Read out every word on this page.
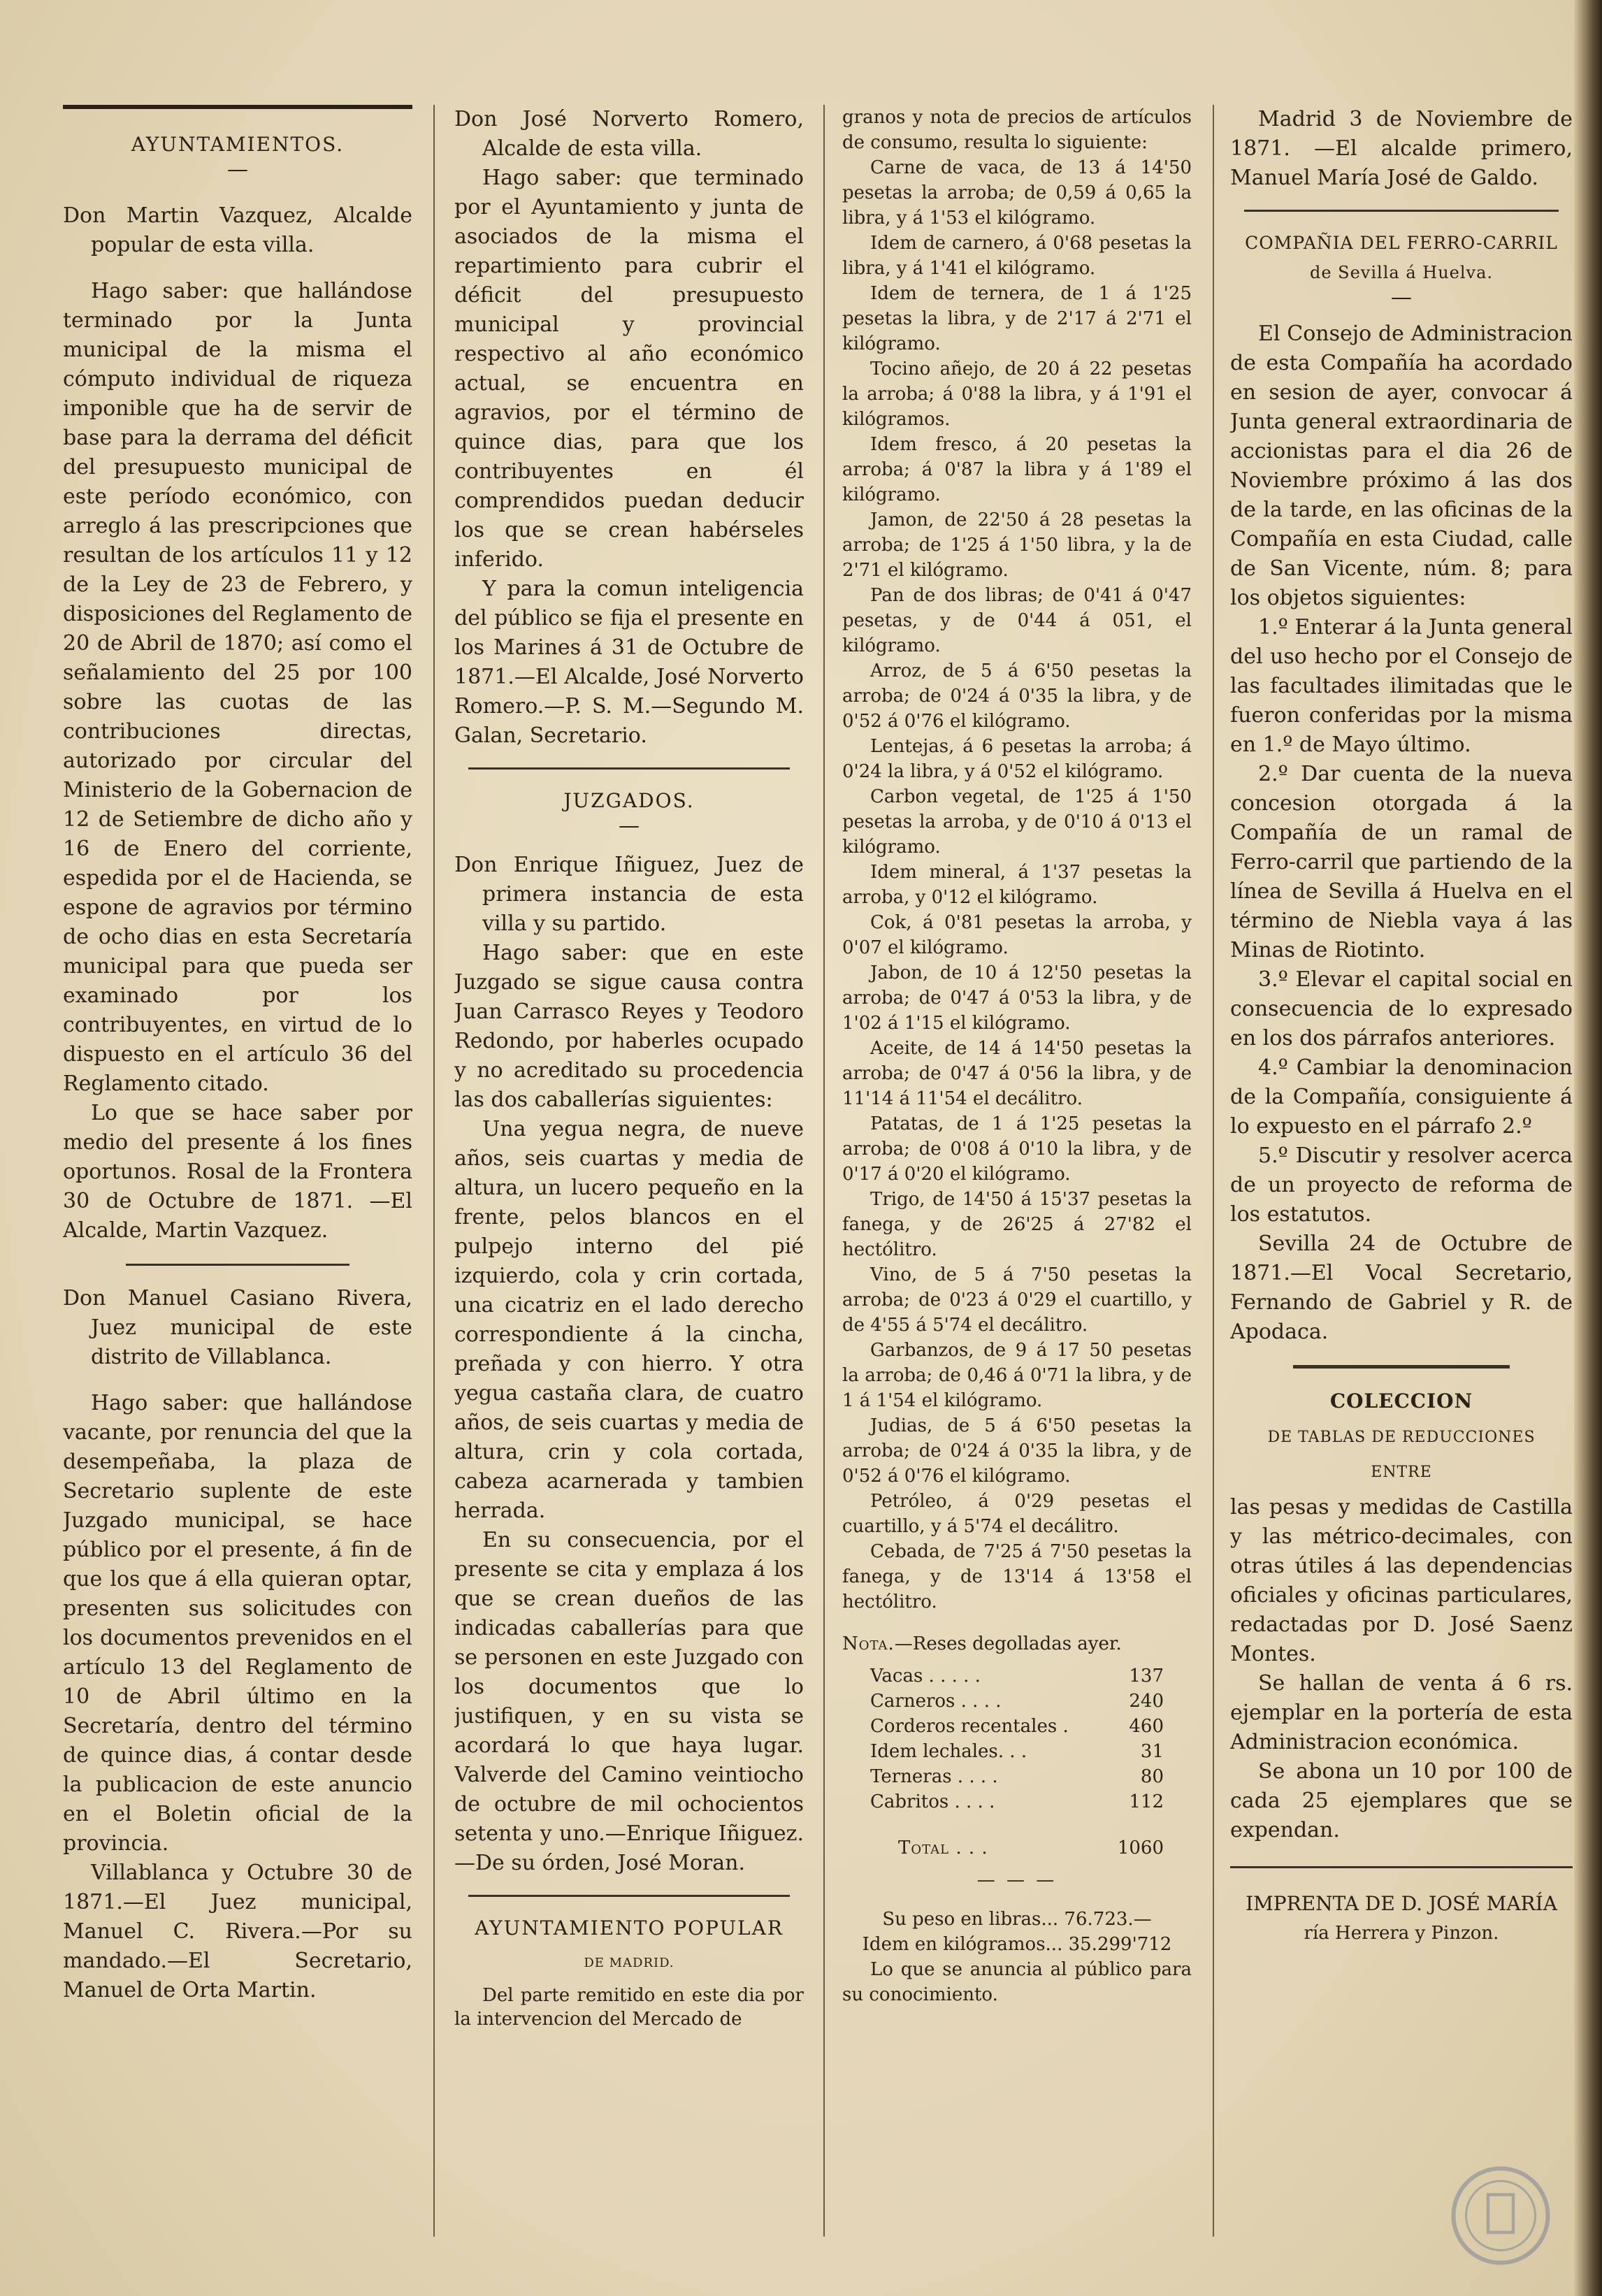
AYUNTAMIENTOS.

—

Don Martin Vazquez, Alcalde popular de esta villa.

Hago saber: que hallándose terminado por la Junta municipal de la misma el cómputo individual de riqueza imponible que ha de servir de base para la derrama del déficit del presupuesto municipal de este período económico, con arreglo á las prescripciones que resultan de los artículos 11 y 12 de la Ley de 23 de Febrero, y disposiciones del Reglamento de 20 de Abril de 1870; así como el señalamiento del 25 por 100 sobre las cuotas de las contribuciones directas, autorizado por circular del Ministerio de la Gobernacion de 12 de Setiembre de dicho año y 16 de Enero del corriente, espedida por el de Hacienda, se espone de agravios por término de ocho dias en esta Secretaría municipal para que pueda ser examinado por los contribuyentes, en virtud de lo dispuesto en el artículo 36 del Reglamento citado.

Lo que se hace saber por medio del presente á los fines oportunos. Rosal de la Frontera 30 de Octubre de 1871. —El Alcalde, Martin Vazquez.

Don Manuel Casiano Rivera, Juez municipal de este distrito de Villablanca.

Hago saber: que hallándose vacante, por renuncia del que la desempeñaba, la plaza de Secretario suplente de este Juzgado municipal, se hace público por el presente, á fin de que los que á ella quieran optar, presenten sus solicitudes con los documentos prevenidos en el artículo 13 del Reglamento de 10 de Abril último en la Secretaría, dentro del término de quince dias, á contar desde la publicacion de este anuncio en el Boletin oficial de la provincia.

Villablanca y Octubre 30 de 1871.—El Juez municipal, Manuel C. Rivera.—Por su mandado.—El Secretario, Manuel de Orta Martin.

Don José Norverto Romero, Alcalde de esta villa.

Hago saber: que terminado por el Ayuntamiento y junta de asociados de la misma el repartimiento para cubrir el déficit del presupuesto municipal y provincial respectivo al año económico actual, se encuentra en agravios, por el término de quince dias, para que los contribuyentes en él comprendidos puedan deducir los que se crean habérseles inferido.

Y para la comun inteligencia del público se fija el presente en los Marines á 31 de Octubre de 1871.—El Alcalde, José Norverto Romero.—P. S. M.—Segundo M. Galan, Secretario.

JUZGADOS.

—

Don Enrique Iñiguez, Juez de primera instancia de esta villa y su partido.

Hago saber: que en este Juzgado se sigue causa contra Juan Carrasco Reyes y Teodoro Redondo, por haberles ocupado y no acreditado su procedencia las dos caballerías siguientes:

Una yegua negra, de nueve años, seis cuartas y media de altura, un lucero pequeño en la frente, pelos blancos en el pulpejo interno del pié izquierdo, cola y crin cortada, una cicatriz en el lado derecho correspondiente á la cincha, preñada y con hierro. Y otra yegua castaña clara, de cuatro años, de seis cuartas y media de altura, crin y cola cortada, cabeza acarnerada y tambien herrada.

En su consecuencia, por el presente se cita y emplaza á los que se crean dueños de las indicadas caballerías para que se personen en este Juzgado con los documentos que lo justifiquen, y en su vista se acordará lo que haya lugar. Valverde del Camino veintiocho de octubre de mil ochocientos setenta y uno.—Enrique Iñiguez.—De su órden, José Moran.

AYUNTAMIENTO POPULAR

DE MADRID.

Del parte remitido en este dia por la intervencion del Mercado de

granos y nota de precios de artículos de consumo, resulta lo siguiente:

Carne de vaca, de 13 á 14'50 pesetas la arroba; de 0,59 á 0,65 la libra, y á 1'53 el kilógramo.

Idem de carnero, á 0'68 pesetas la libra, y á 1'41 el kilógramo.

Idem de ternera, de 1 á 1'25 pesetas la libra, y de 2'17 á 2'71 el kilógramo.

Tocino añejo, de 20 á 22 pesetas la arroba; á 0'88 la libra, y á 1'91 el kilógramos.

Idem fresco, á 20 pesetas la arroba; á 0'87 la libra y á 1'89 el kilógramo.

Jamon, de 22'50 á 28 pesetas la arroba; de 1'25 á 1'50 libra, y la de 2'71 el kilógramo.

Pan de dos libras; de 0'41 á 0'47 pesetas, y de 0'44 á 051, el kilógramo.

Arroz, de 5 á 6'50 pesetas la arroba; de 0'24 á 0'35 la libra, y de 0'52 á 0'76 el kilógramo.

Lentejas, á 6 pesetas la arroba; á 0'24 la libra, y á 0'52 el kilógramo.

Carbon vegetal, de 1'25 á 1'50 pesetas la arroba, y de 0'10 á 0'13 el kilógramo.

Idem mineral, á 1'37 pesetas la arroba, y 0'12 el kilógramo.

Cok, á 0'81 pesetas la arroba, y 0'07 el kilógramo.

Jabon, de 10 á 12'50 pesetas la arroba; de 0'47 á 0'53 la libra, y de 1'02 á 1'15 el kilógramo.

Aceite, de 14 á 14'50 pesetas la arroba; de 0'47 á 0'56 la libra, y de 11'14 á 11'54 el decálitro.

Patatas, de 1 á 1'25 pesetas la arroba; de 0'08 á 0'10 la libra, y de 0'17 á 0'20 el kilógramo.

Trigo, de 14'50 á 15'37 pesetas la fanega, y de 26'25 á 27'82 el hectólitro.

Vino, de 5 á 7'50 pesetas la arroba; de 0'23 á 0'29 el cuartillo, y de 4'55 á 5'74 el decálitro.

Garbanzos, de 9 á 17 50 pesetas la arroba; de 0,46 á 0'71 la libra, y de 1 á 1'54 el kilógramo.

Judias, de 5 á 6'50 pesetas la arroba; de 0'24 á 0'35 la libra, y de 0'52 á 0'76 el kilógramo.

Petróleo, á 0'29 pesetas el cuartillo, y á 5'74 el decálitro.

Cebada, de 7'25 á 7'50 pesetas la fanega, y de 13'14 á 13'58 el hectólitro.

Nota.—Reses degolladas ayer.

Vacas . . . . .	137
Carneros . . . .	240
Corderos recentales .	460
Idem lechales. . .	31
Terneras . . . .	80
Cabritos . . . .	112
Total . . .	1060

— — —

Su peso en libras... 76.723.—

Idem en kilógramos... 35.299'712

Lo que se anuncia al público para su conocimiento.

Madrid 3 de Noviembre de 1871. —El alcalde primero, Manuel María José de Galdo.

COMPAÑIA DEL FERRO-CARRIL

de Sevilla á Huelva.

—

El Consejo de Administracion de esta Compañía ha acordado en sesion de ayer, convocar á Junta general extraordinaria de accionistas para el dia 26 de Noviembre próximo á las dos de la tarde, en las oficinas de la Compañía en esta Ciudad, calle de San Vicente, núm. 8; para los objetos siguientes:

1.º Enterar á la Junta general del uso hecho por el Consejo de las facultades ilimitadas que le fueron conferidas por la misma en 1.º de Mayo último.

2.º Dar cuenta de la nueva concesion otorgada á la Compañía de un ramal de Ferro-carril que partiendo de la línea de Sevilla á Huelva en el término de Niebla vaya á las Minas de Riotinto.

3.º Elevar el capital social en consecuencia de lo expresado en los dos párrafos anteriores.

4.º Cambiar la denominacion de la Compañía, consiguiente á lo expuesto en el párrafo 2.º

5.º Discutir y resolver acerca de un proyecto de reforma de los estatutos.

Sevilla 24 de Octubre de 1871.—El Vocal Secretario, Fernando de Gabriel y R. de Apodaca.

COLECCION

DE TABLAS DE REDUCCIONES

ENTRE

las pesas y medidas de Castilla y las métrico-decimales, con otras útiles á las dependencias oficiales y oficinas particulares, redactadas por D. José Saenz Montes.

Se hallan de venta á 6 rs. ejemplar en la portería de esta Administracion económica.

Se abona un 10 por 100 de cada 25 ejemplares que se expendan.

IMPRENTA DE D. JOSÉ MARÍA

ría Herrera y Pinzon.
